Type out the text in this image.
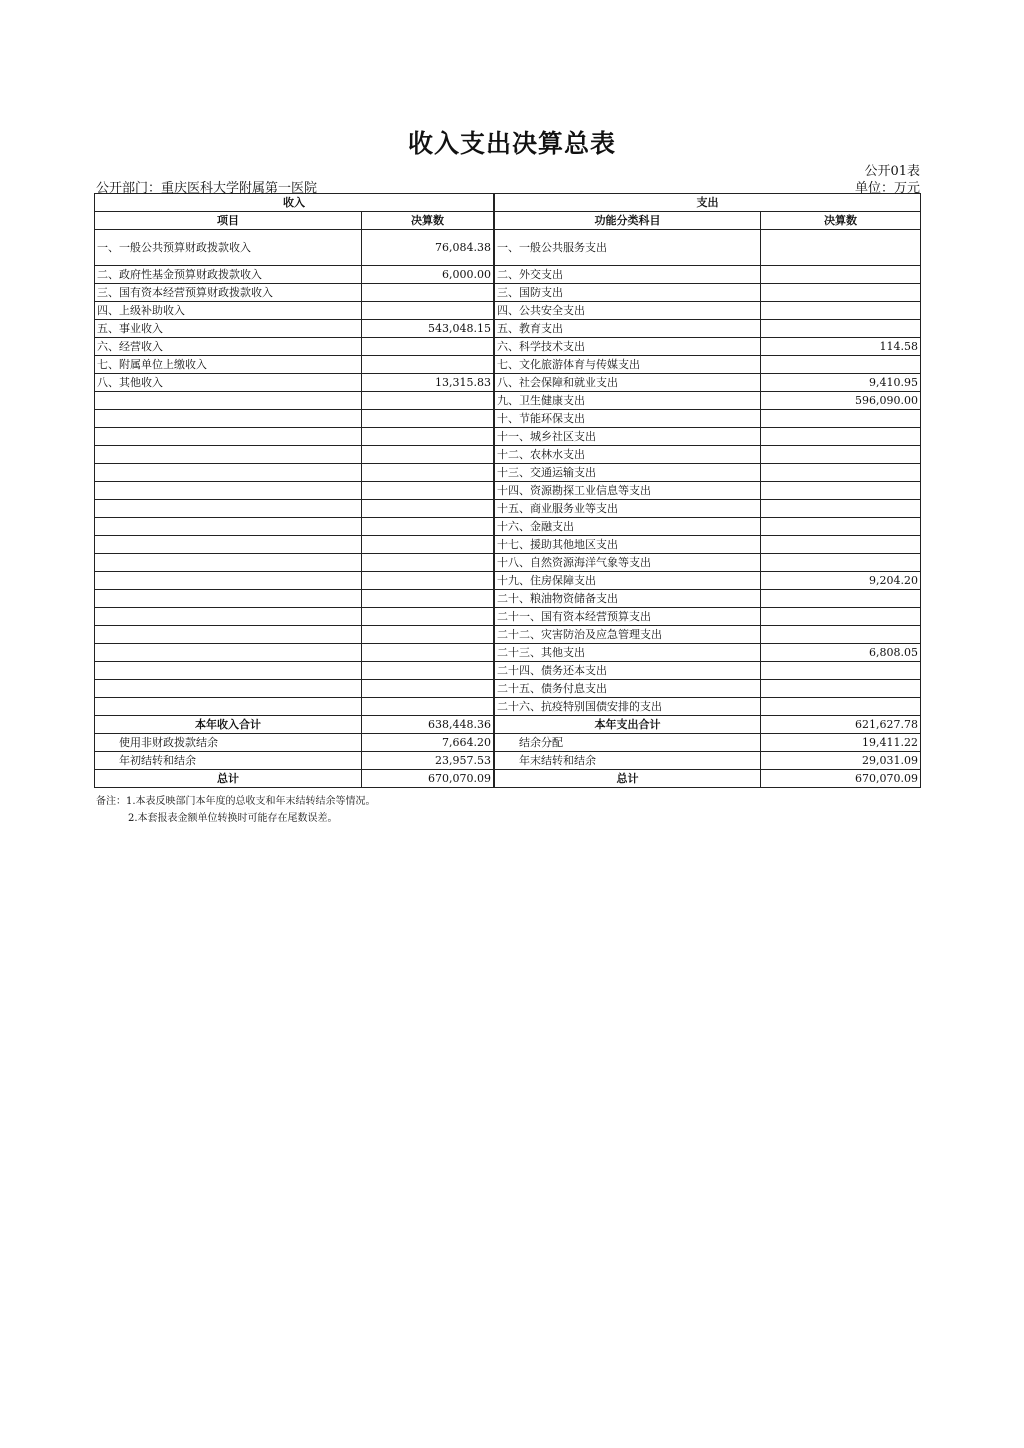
收入支出决算总表
公开01表
公开部门：重庆医科大学附属第一医院	单位：万元
收入		支出	
项目	决算数		功能分类科目	决算数
一、一般公共预算财政拨款收入	76,084.38		一、一般公共服务支出	
二、政府性基金预算财政拨款收入	6,000.00		二、外交支出	
三、国有资本经营预算财政拨款收入			三、国防支出	
四、上级补助收入			四、公共安全支出	
五、事业收入	543,048.15		五、教育支出	
六、经营收入			六、科学技术支出	114.58
七、附属单位上缴收入			七、文化旅游体育与传媒支出	
八、其他收入	13,315.83		八、社会保障和就业支出	9,410.95
			九、卫生健康支出	596,090.00
			十、节能环保支出	
			十一、城乡社区支出	
			十二、农林水支出	
			十三、交通运输支出	
			十四、资源勘探工业信息等支出	
			十五、商业服务业等支出	
			十六、金融支出	
			十七、援助其他地区支出	
			十八、自然资源海洋气象等支出	
			十九、住房保障支出	9,204.20
			二十、粮油物资储备支出	
			二十一、国有资本经营预算支出	
			二十二、灾害防治及应急管理支出	
			二十三、其他支出	6,808.05
			二十四、债务还本支出	
			二十五、债务付息支出	
			二十六、抗疫特别国债安排的支出	
本年收入合计	638,448.36		本年支出合计	621,627.78
使用非财政拨款结余	7,664.20		结余分配	19,411.22
年初结转和结余	23,957.53		年末结转和结余	29,031.09
总计	670,070.09		总计	670,070.09
备注：1.本表反映部门本年度的总收支和年末结转结余等情况。
2.本套报表金额单位转换时可能存在尾数误差。
